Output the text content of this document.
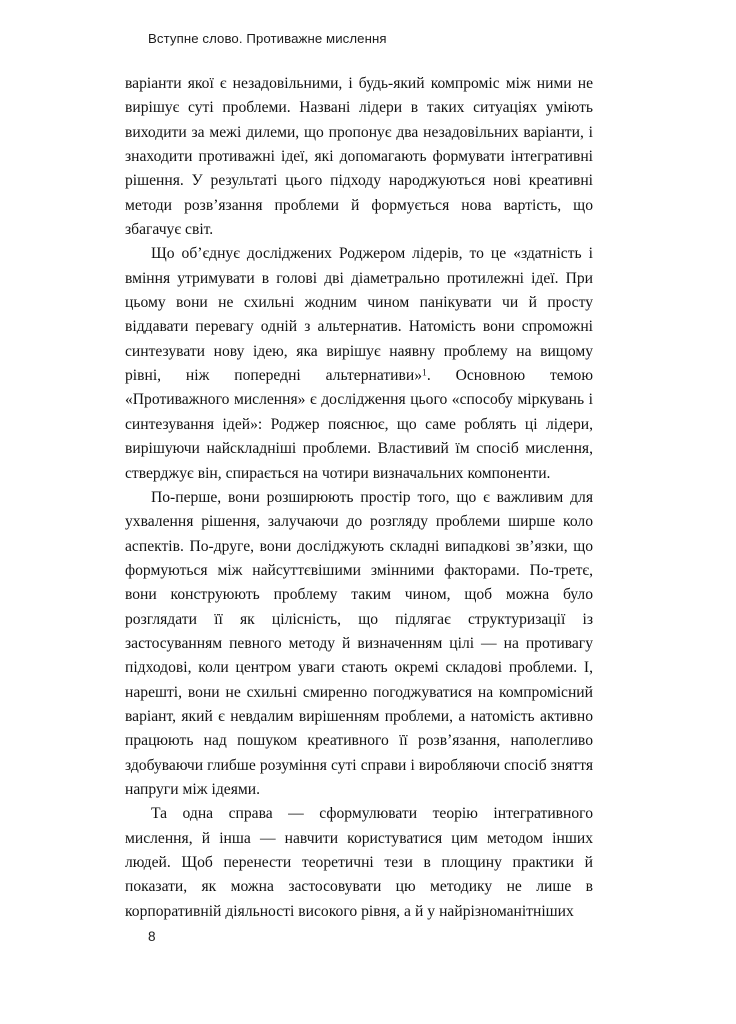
Вступне слово. Противажне мислення

варіанти якої є незадовільними, і будь-який компроміс між ними не вирішує суті проблеми. Названі лідери в таких ситуаціях уміють виходити за межі дилеми, що пропонує два незадовільних варіанти, і знаходити противажні ідеї, які допомагають формувати інтегративні рішення. У результаті цього підходу народжуються нові креативні методи розв’язання проблеми й формується нова вартість, що збагачує світ.

Що об’єднує досліджених Роджером лідерів, то це «здатність і вміння утримувати в голові дві діаметрально протилежні ідеї. При цьому вони не схильні жодним чином панікувати чи й просту віддавати перевагу одній з альтернатив. Натомість вони спроможні синтезувати нову ідею, яка вирішує наявну проблему на вищому рівні, ніж попередні альтернативи»$^1$. Основною темою «Противажного мислення» є дослідження цього «способу міркувань і синтезування ідей»: Роджер пояснює, що саме роблять ці лідери, вирішуючи найскладніші проблеми. Властивий їм спосіб мислення, стверджує він, спирається на чотири визначальних компоненти.

По-перше, вони розширюють простір того, що є важливим для ухвалення рішення, залучаючи до розгляду проблеми ширше коло аспектів. По-друге, вони досліджують складні випадкові зв’язки, що формуються між найсуттєвішими змінними факторами. По-третє, вони конструюють проблему таким чином, щоб можна було розглядати її як цілісність, що підлягає структуризації із застосуванням певного методу й визначенням цілі — на противагу підходові, коли центром уваги стають окремі складові проблеми. І, нарешті, вони не схильні смиренно погоджуватися на компромісний варіант, який є невдалим вирішенням проблеми, а натомість активно працюють над пошуком креативного її розв’язання, наполегливо здобуваючи глибше розуміння суті справи і виробляючи спосіб зняття напруги між ідеями.

Та одна справа — сформулювати теорію інтегративного мислення, й інша — навчити користуватися цим методом інших людей. Щоб перенести теоретичні тези в площину практики й показати, як можна застосовувати цю методику не лише в корпоративній діяльності високого рівня, а й у найрізноманітніших

8
